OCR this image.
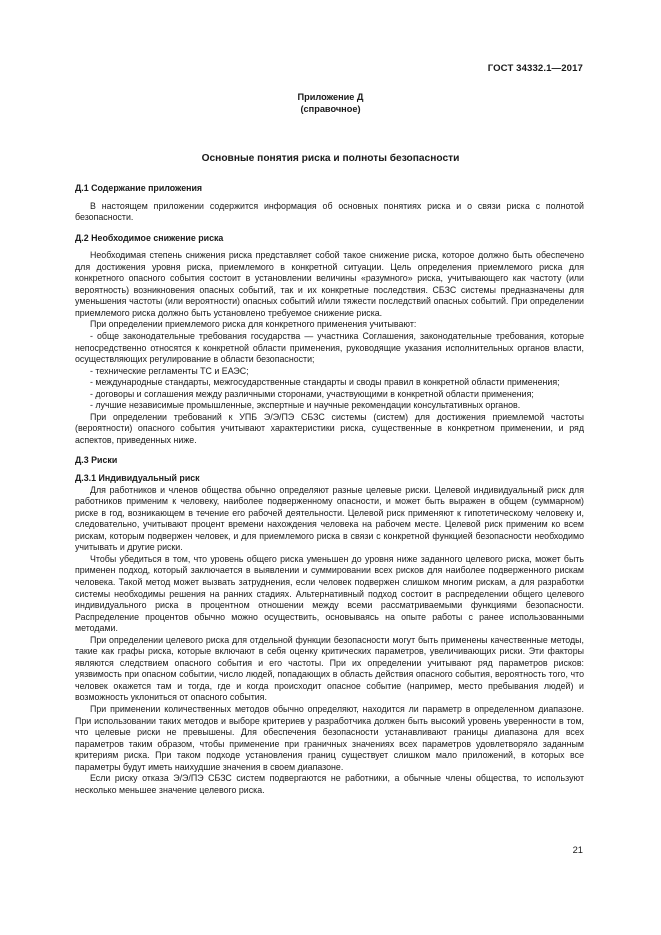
ГОСТ 34332.1—2017
Приложение Д
(справочное)
Основные понятия риска и полноты безопасности
Д.1 Содержание приложения

В настоящем приложении содержится информация об основных понятиях риска и о связи риска с полнотой безопасности.

Д.2 Необходимое снижение риска

Необходимая степень снижения риска представляет собой такое снижение риска, которое должно быть обеспечено для достижения уровня риска, приемлемого в конкретной ситуации. Цель определения приемлемого риска для конкретного опасного события состоит в установлении величины «разумного» риска, учитывающего как частоту (или вероятность) возникновения опасных событий, так и их конкретные последствия. СБЗС системы предназначены для уменьшения частоты (или вероятности) опасных событий и/или тяжести последствий опасных событий. При определении приемлемого риска должно быть установлено требуемое снижение риска.

При определении приемлемого риска для конкретного применения учитывают:

- обще законодательные требования государства — участника Соглашения, законодательные требования, которые непосредственно относятся к конкретной области применения, руководящие указания исполнительных органов власти, осуществляющих регулирование в области безопасности;

- технические регламенты ТС и ЕАЭС;

- международные стандарты, межгосударственные стандарты и своды правил в конкретной области применения;

- договоры и соглашения между различными сторонами, участвующими в конкретной области применения;

- лучшие независимые промышленные, экспертные и научные рекомендации консультативных органов.

При определении требований к УПБ Э/Э/ПЭ СБЗС системы (систем) для достижения приемлемой частоты (вероятности) опасного события учитывают характеристики риска, существенные в конкретном применении, и ряд аспектов, приведенных ниже.

Д.3 Риски
Д.3.1 Индивидуальный риск

Для работников и членов общества обычно определяют разные целевые риски. Целевой индивидуальный риск для работников применим к человеку, наиболее подверженному опасности, и может быть выражен в общем (суммарном) риске в год, возникающем в течение его рабочей деятельности. Целевой риск применяют к гипотетическому человеку и, следовательно, учитывают процент времени нахождения человека на рабочем месте. Целевой риск применим ко всем рискам, которым подвержен человек, и для приемлемого риска в связи с конкретной функцией безопасности необходимо учитывать и другие риски.

Чтобы убедиться в том, что уровень общего риска уменьшен до уровня ниже заданного целевого риска, может быть применен подход, который заключается в выявлении и суммировании всех рисков для наиболее подверженного рискам человека. Такой метод может вызвать затруднения, если человек подвержен слишком многим рискам, а для разработки системы необходимы решения на ранних стадиях. Альтернативный подход состоит в распределении общего целевого индивидуального риска в процентном отношении между всеми рассматриваемыми функциями безопасности. Распределение процентов обычно можно осуществить, основываясь на опыте работы с ранее использованными методами.

При определении целевого риска для отдельной функции безопасности могут быть применены качественные методы, такие как графы риска, которые включают в себя оценку критических параметров, увеличивающих риски. Эти факторы являются следствием опасного события и его частоты. При их определении учитывают ряд параметров рисков: уязвимость при опасном событии, число людей, попадающих в область действия опасного события, вероятность того, что человек окажется там и тогда, где и когда происходит опасное событие (например, место пребывания людей) и возможность уклониться от опасного события.

При применении количественных методов обычно определяют, находится ли параметр в определенном диапазоне. При использовании таких методов и выборе критериев у разработчика должен быть высокий уровень уверенности в том, что целевые риски не превышены. Для обеспечения безопасности устанавливают границы диапазона для всех параметров таким образом, чтобы применение при граничных значениях всех параметров удовлетворяло заданным критериям риска. При таком подходе установления границ существует слишком мало приложений, в которых все параметры будут иметь наихудшие значения в своем диапазоне.

Если риску отказа Э/Э/ПЭ СБЗС систем подвергаются не работники, а обычные члены общества, то используют несколько меньшее значение целевого риска.

21
